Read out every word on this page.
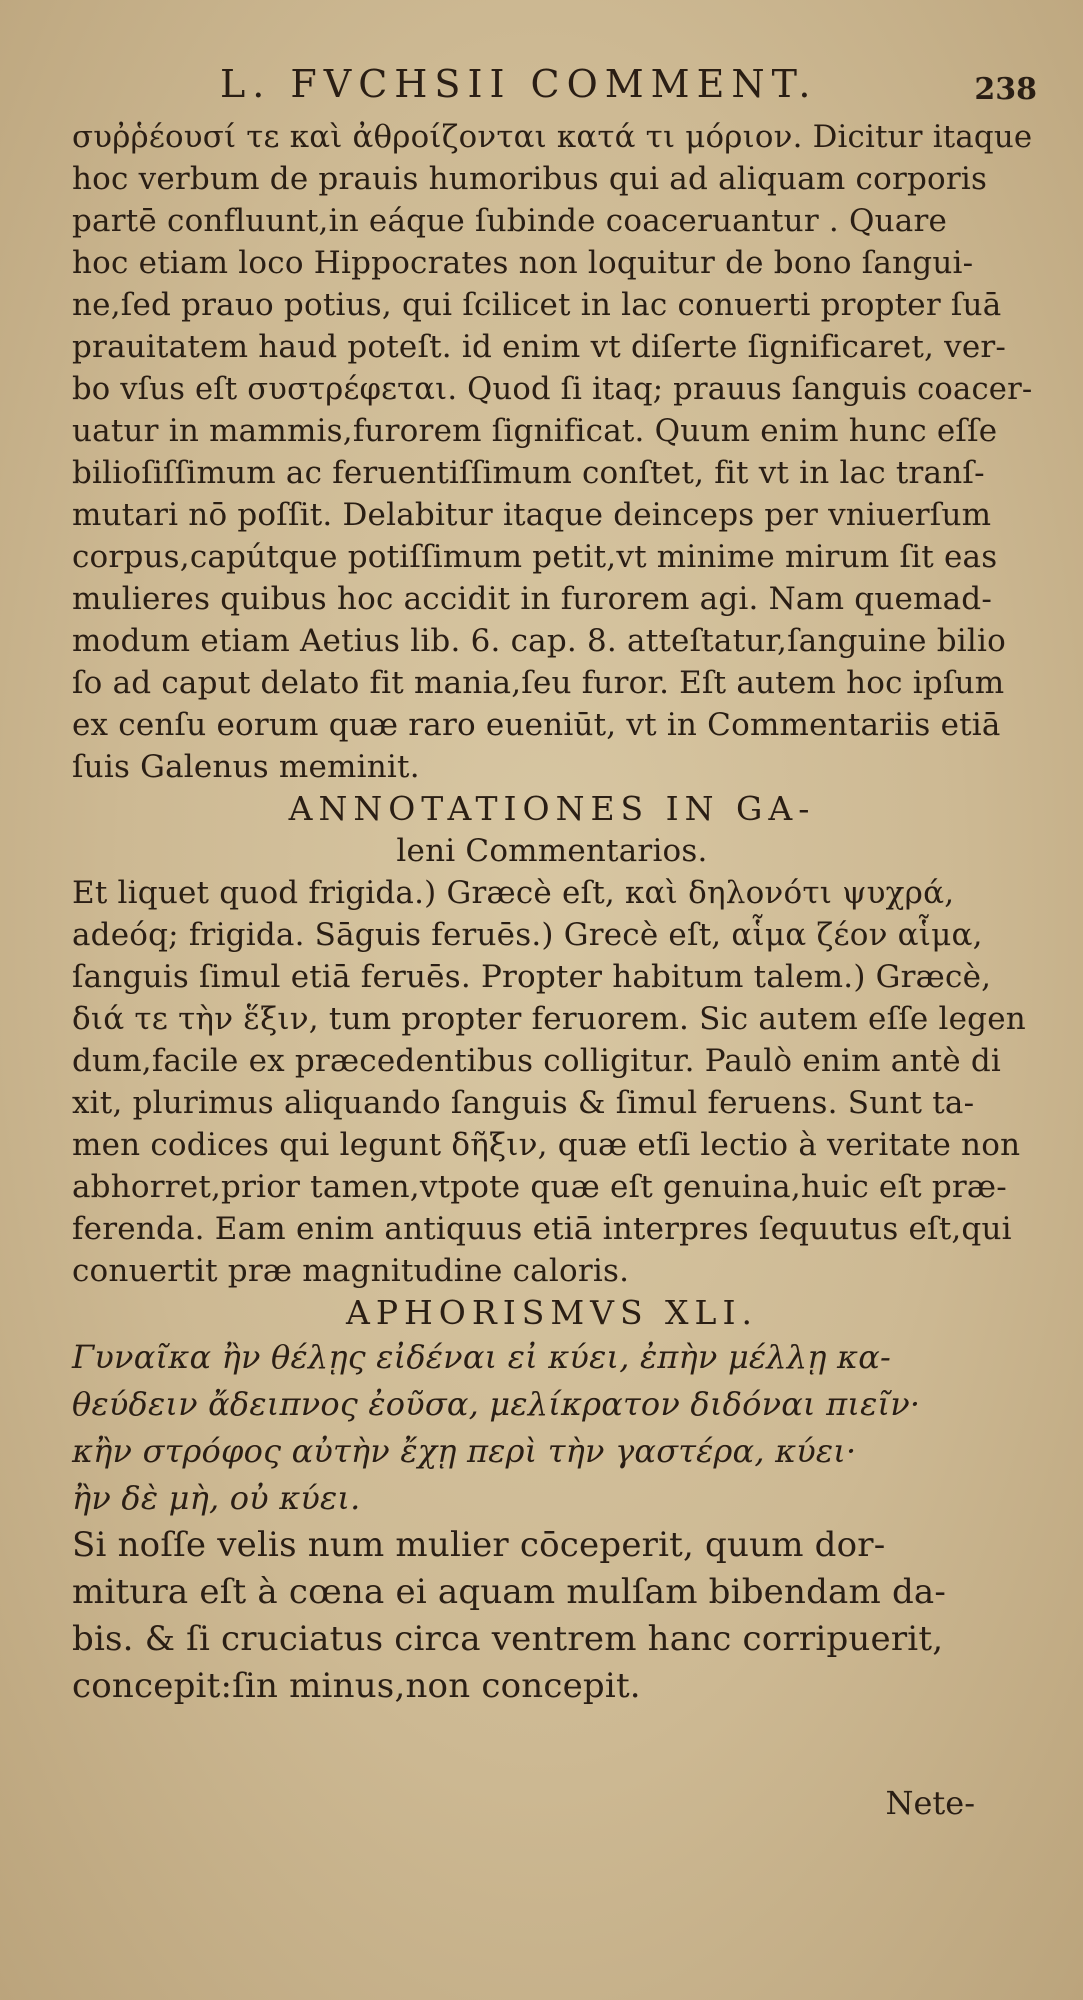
L. FVCHSII COMMENT.	238
συῤῥέουσί τε καὶ ἀθροίζονται κατά τι μόριον. Dicitur itaque
hoc verbum de prauis humoribus qui ad aliquam corporis
partē confluunt,in eáque ſubinde coaceruantur . Quare
hoc etiam loco Hippocrates non loquitur de bono ſangui-
ne,ſed prauo potius, qui ſcilicet in lac conuerti propter ſuā
prauitatem haud poteſt. id enim vt diſerte ſignificaret, ver-
bo vſus eſt συστρέφεται. Quod ſi itaq; prauus ſanguis coacer-
uatur in mammis,furorem ſignificat. Quum enim hunc eſſe
bilioſiſſimum ac feruentiſſimum conſtet, fit vt in lac tranſ-
mutari nō poſſit. Delabitur itaque deinceps per vniuerſum
corpus,capútque potiſſimum petit,vt minime mirum ſit eas
mulieres quibus hoc accidit in furorem agi. Nam quemad-
modum etiam Aetius lib. 6. cap. 8. atteſtatur,ſanguine bilio
ſo ad caput delato fit mania,ſeu furor. Eſt autem hoc ipſum
ex cenſu eorum quæ raro eueniūt, vt in Commentariis etiā
ſuis Galenus meminit.
ANNOTATIONES IN GA-
leni Commentarios.
Et liquet quod frigida.) Græcè eſt, καὶ δηλονότι ψυχρά,
adeóq; frigida. Sāguis feruēs.) Grecè eſt, αἷμα ζέον αἷμα,
ſanguis ſimul etiā feruēs. Propter habitum talem.) Græcè,
διά τε τὴν ἕξιν, tum propter feruorem. Sic autem eſſe legen
dum,facile ex præcedentibus colligitur. Paulò enim antè di
xit, plurimus aliquando ſanguis & ſimul feruens. Sunt ta-
men codices qui legunt δῆξιν, quæ etſi lectio à veritate non
abhorret,prior tamen,vtpote quæ eſt genuina,huic eſt præ-
ferenda. Eam enim antiquus etiā interpres ſequutus eſt,qui
conuertit præ magnitudine caloris.
APHORISMVS XLI.
Γυναῖκα ἢν θέλῃς εἰδέναι εἰ κύει, ἐπὴν μέλλῃ κα-
θεύδειν ἄδειπνος ἐοῦσα, μελίκρατον διδόναι πιεῖν·
κἢν στρόφος αὐτὴν ἔχῃ περὶ τὴν γαστέρα, κύει·
ἢν δὲ μὴ, οὐ κύει.
Si noſſe velis num mulier cōceperit, quum dor-
mitura eſt à cœna ei aquam mulſam bibendam da-
bis. & ſi cruciatus circa ventrem hanc corripuerit,
concepit:ſin minus,non concepit.
Nete-
